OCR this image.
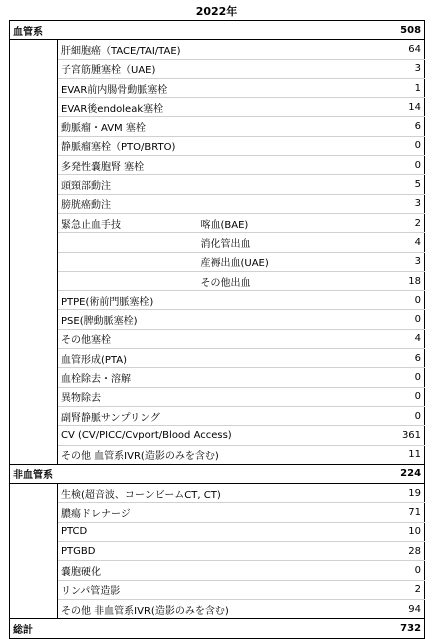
2022年
血管系			508
	肝細胞癌（TACE/TAI/TAE)		64
	子宮筋腫塞栓（UAE)		3
	EVAR前内腸骨動脈塞栓		1
	EVAR後endoleak塞栓		14
	動脈瘤・AVM 塞栓		6
	静脈瘤塞栓（PTO/BRTO)		0
	多発性嚢胞腎 塞栓		0
	頭頸部動注		5
	膀胱癌動注		3
	緊急止血手技	喀血(BAE)	2
		消化管出血	4
		産褥出血(UAE)	3
		その他出血	18
	PTPE(術前門脈塞栓)		0
	PSE(脾動脈塞栓)		0
	その他塞栓		4
	血管形成(PTA)		6
	血栓除去・溶解		0
	異物除去		0
	副腎静脈サンプリング		0
	CV (CV/PICC/Cvport/Blood Access)		361
	その他 血管系IVR(造影のみを含む)		11
非血管系			224
	生検(超音波、コーンビームCT, CT)		19
	膿瘍ドレナージ		71
	PTCD		10
	PTGBD		28
	嚢胞硬化		0
	リンパ管造影		2
	その他 非血管系IVR(造影のみを含む)		94
総計			732
